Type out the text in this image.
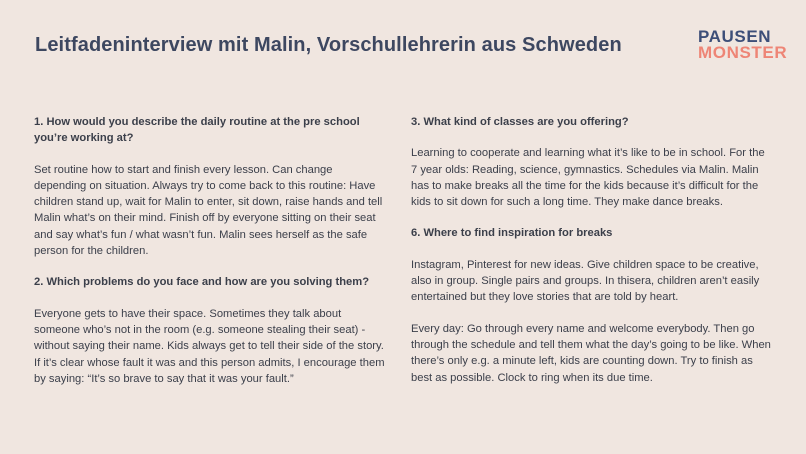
Leitfadeninterview mit Malin, Vorschullehrerin aus Schweden	PAUSEN
MONSTER

1. How would you describe the daily routine at the pre school you’re working at?

Set routine how to start and finish every lesson. Can change depending on situation. Always try to come back to this routine: Have children stand up, wait for Malin to enter, sit down, raise hands and tell Malin what’s on their mind. Finish off by everyone sitting on their seat and say what’s fun / what wasn’t fun. Malin sees herself as the safe person for the children.

2. Which problems do you face and how are you solving them?

Everyone gets to have their space. Sometimes they talk about someone who’s not in the room (e.g. someone stealing their seat) - without saying their name. Kids always get to tell their side of the story. If it’s clear whose fault it was and this person admits, I encourage them by saying: “It’s so brave to say that it was your fault.”

3. What kind of classes are you offering?

Learning to cooperate and learning what it’s like to be in school. For the 7 year olds: Reading, science, gymnastics. Schedules via Malin. Malin has to make breaks all the time for the kids because it’s difficult for the kids to sit down for such a long time. They make dance breaks.

6. Where to find inspiration for breaks

Instagram, Pinterest for new ideas. Give children space to be creative, also in group. Single pairs and groups. In thisera, children aren’t easily entertained but they love stories that are told by heart.

Every day: Go through every name and welcome everybody. Then go through the schedule and tell them what the day’s going to be like. When there’s only e.g. a minute left, kids are counting down. Try to finish as best as possible. Clock to ring when its due time.
